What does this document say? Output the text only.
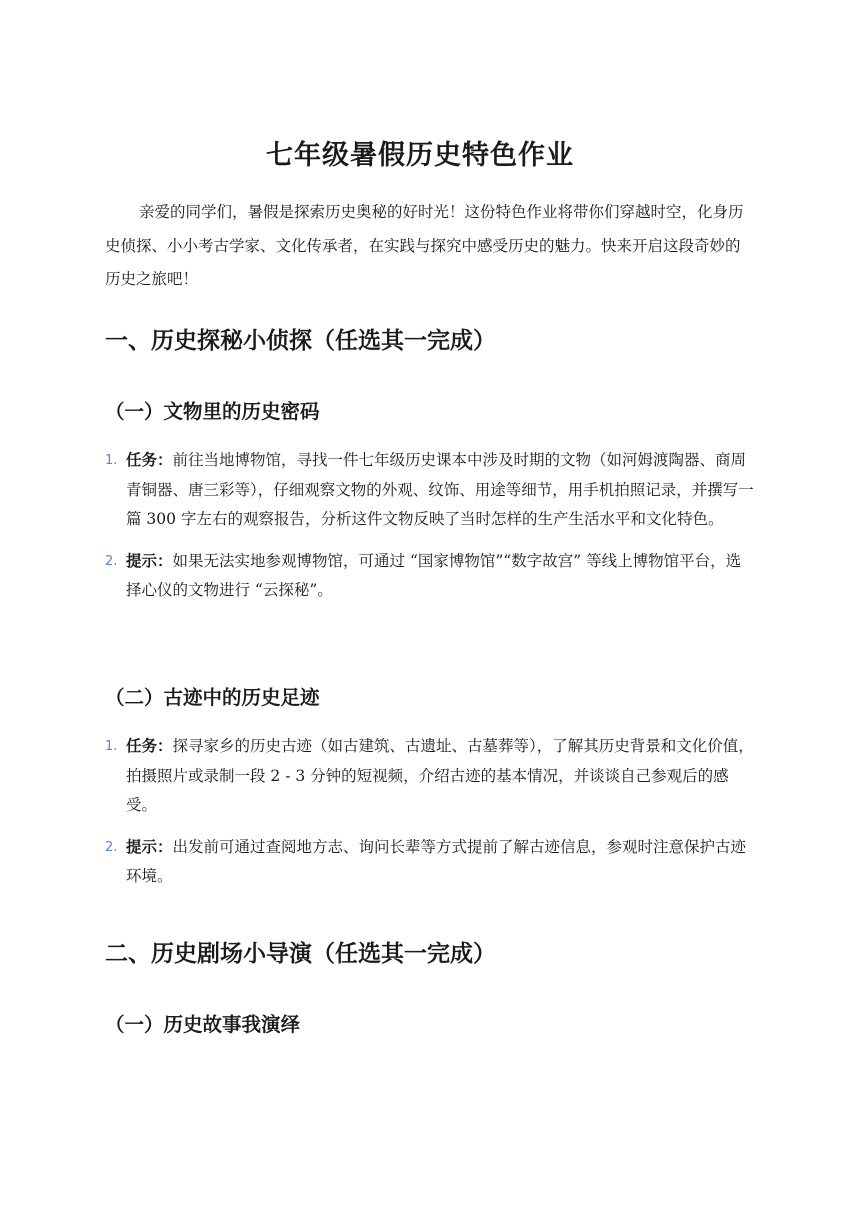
七年级暑假历史特色作业

亲爱的同学们，暑假是探索历史奥秘的好时光！这份特色作业将带你们穿越时空，化身历史侦探、小小考古学家、文化传承者，在实践与探究中感受历史的魅力。快来开启这段奇妙的历史之旅吧！

一、历史探秘小侦探（任选其一完成）
（一）文物里的历史密码
1. 任务：前往当地博物馆，寻找一件七年级历史课本中涉及时期的文物（如河姆渡陶器、商周青铜器、唐三彩等），仔细观察文物的外观、纹饰、用途等细节，用手机拍照记录，并撰写一篇 300 字左右的观察报告，分析这件文物反映了当时怎样的生产生活水平和文化特色。
2. 提示：如果无法实地参观博物馆，可通过 “国家博物馆”“数字故宫” 等线上博物馆平台，选择心仪的文物进行 “云探秘”。
（二）古迹中的历史足迹
1. 任务：探寻家乡的历史古迹（如古建筑、古遗址、古墓葬等），了解其历史背景和文化价值，拍摄照片或录制一段 2 - 3 分钟的短视频，介绍古迹的基本情况，并谈谈自己参观后的感受。
2. 提示：出发前可通过查阅地方志、询问长辈等方式提前了解古迹信息，参观时注意保护古迹环境。
二、历史剧场小导演（任选其一完成）
（一）历史故事我演绎
